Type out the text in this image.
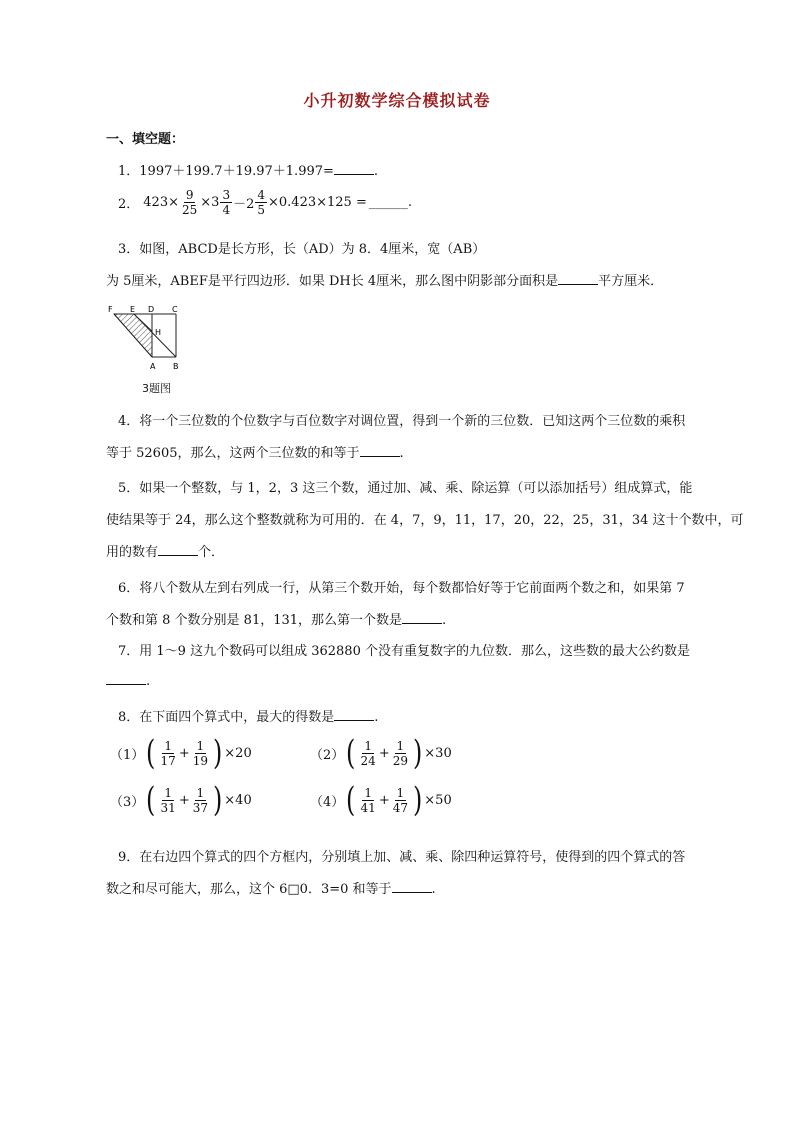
小升初数学综合模拟试卷
一、填空题：
1．1997＋199.7＋19.97＋1.997=	.
2． $423\times \frac{9}{25} \times 3 \frac{3}{4} -2 \frac{4}{5} \times 0.423\times 125$ = ______ .
3．如图，ABCD是长方形，长（AD）为 8．4厘米，宽（AB）
为 5厘米，ABEF是平行四边形．如果 DH长 4厘米，那么图中阴影部分面积是	平方厘米．
F E D C
H
A B
3题图
4．将一个三位数的个位数字与百位数字对调位置，得到一个新的三位数．已知这两个三位数的乘积
等于 52605，那么，这两个三位数的和等于	.
5．如果一个整数，与 1，2，3 这三个数，通过加、减、乘、除运算（可以添加括号）组成算式，能
使结果等于 24，那么这个整数就称为可用的．在 4，7，9，11，17，20，22，25，31，34 这十个数中，可
用的数有	个．
6．将八个数从左到右列成一行，从第三个数开始，每个数都恰好等于它前面两个数之和，如果第 7
个数和第 8 个数分别是 81，131，那么第一个数是	.
7．用 1～9 这九个数码可以组成 362880 个没有重复数字的九位数．那么，这些数的最大公约数是
.
8．在下面四个算式中，最大的得数是	.
（1） ( $\frac{1}{17} + \frac{1}{19}$ ) ×20	（2） ( $\frac{1}{24} + \frac{1}{29}$ ) ×30
（3） ( $\frac{1}{31} + \frac{1}{37}$ ) ×40	（4） ( $\frac{1}{41} + \frac{1}{47}$ ) ×50
9．在右边四个算式的四个方框内，分别填上加、减、乘、除四种运算符号，使得到的四个算式的答
数之和尽可能大，那么，这个 6□0．3=0 和等于	.
